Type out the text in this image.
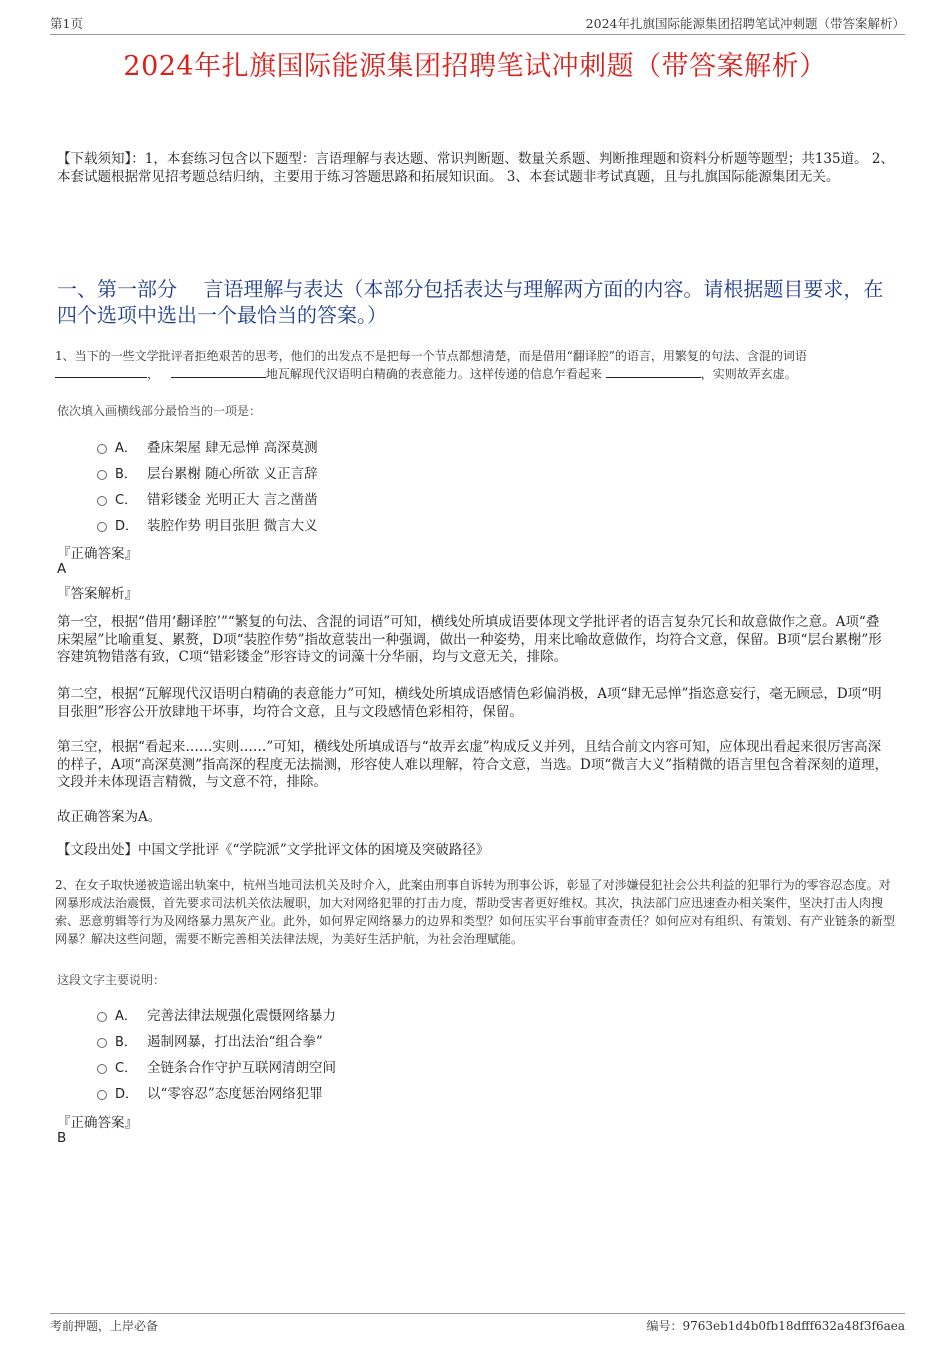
第1页	2024年扎旗国际能源集团招聘笔试冲刺题（带答案解析）
2024年扎旗国际能源集团招聘笔试冲刺题（带答案解析）
【下载须知】：1，本套练习包含以下题型：言语理解与表达题、常识判断题、数量关系题、判断推理题和资料分析题等题型；共135道。 2、本套试题根据常见招考题总结归纳，主要用于练习答题思路和拓展知识面。 3、本套试题非考试真题，且与扎旗国际能源集团无关。
一、第一部分　 言语理解与表达（本部分包括表达与理解两方面的内容。请根据题目要求，在四个选项中选出一个最恰当的答案。）
1、当下的一些文学批评者拒绝艰苦的思考，他们的出发点不是把每一个节点都想清楚，而是借用“翻译腔”的语言，用繁复的句法、含混的词语
，	地瓦解现代汉语明白精确的表意能力。这样传递的信息乍看起来	，实则故弄玄虚。
依次填入画横线部分最恰当的一项是：
A． 叠床架屋 肆无忌惮 高深莫测
B． 层台累榭 随心所欲 义正言辞
C． 错彩镂金 光明正大 言之凿凿
D． 装腔作势 明目张胆 微言大义
『正确答案』
A
『答案解析』
第一空，根据“借用‘翻译腔’”“繁复的句法、含混的词语”可知，横线处所填成语要体现文学批评者的语言复杂冗长和故意做作之意。A项“叠床架屋”比喻重复、累赘，D项“装腔作势”指故意装出一种强调，做出一种姿势，用来比喻故意做作，均符合文意，保留。B项“层台累榭”形容建筑物错落有致，C项“错彩镂金”形容诗文的词藻十分华丽，均与文意无关，排除。
第二空，根据“瓦解现代汉语明白精确的表意能力”可知，横线处所填成语感情色彩偏消极，A项“肆无忌惮”指恣意妄行，毫无顾忌，D项“明目张胆”形容公开放肆地干坏事，均符合文意，且与文段感情色彩相符，保留。
第三空，根据“看起来……实则……”可知，横线处所填成语与“故弄玄虚”构成反义并列，且结合前文内容可知，应体现出看起来很厉害高深的样子，A项“高深莫测”指高深的程度无法揣测，形容使人难以理解，符合文意，当选。D项“微言大义”指精微的语言里包含着深刻的道理，文段并未体现语言精微，与文意不符，排除。
故正确答案为A。
【文段出处】中国文学批评《“学院派”文学批评文体的困境及突破路径》
2、在女子取快递被造谣出轨案中，杭州当地司法机关及时介入，此案由刑事自诉转为刑事公诉，彰显了对涉嫌侵犯社会公共利益的犯罪行为的零容忍态度。对网暴形成法治震慑，首先要求司法机关依法履职，加大对网络犯罪的打击力度，帮助受害者更好维权。其次，执法部门应迅速查办相关案件，坚决打击人肉搜索、恶意剪辑等行为及网络暴力黑灰产业。此外，如何界定网络暴力的边界和类型？如何压实平台事前审查责任？如何应对有组织、有策划、有产业链条的新型网暴？解决这些问题，需要不断完善相关法律法规，为美好生活护航，为社会治理赋能。
这段文字主要说明：
A． 完善法律法规强化震慑网络暴力
B． 遏制网暴，打出法治“组合拳”
C． 全链条合作守护互联网清朗空间
D． 以“零容忍”态度惩治网络犯罪
『正确答案』
B
考前押题，上岸必备	编号：9763eb1d4b0fb18dfff632a48f3f6aea
